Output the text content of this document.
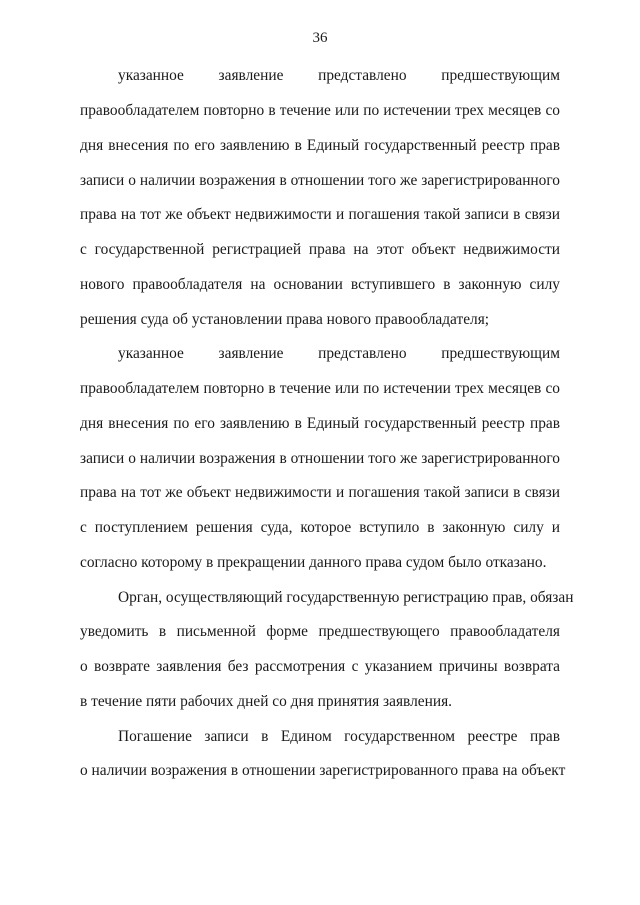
36
указанное заявление представлено предшествующим
правообладателем повторно в течение или по истечении трех месяцев со
дня внесения по его заявлению в Единый государственный реестр прав
записи о наличии возражения в отношении того же зарегистрированного
права на тот же объект недвижимости и погашения такой записи в связи
с государственной регистрацией права на этот объект недвижимости
нового правообладателя на основании вступившего в законную силу
решения суда об установлении права нового правообладателя;
указанное заявление представлено предшествующим
правообладателем повторно в течение или по истечении трех месяцев со
дня внесения по его заявлению в Единый государственный реестр прав
записи о наличии возражения в отношении того же зарегистрированного
права на тот же объект недвижимости и погашения такой записи в связи
с поступлением решения суда, которое вступило в законную силу и
согласно которому в прекращении данного права судом было отказано.
Орган, осуществляющий государственную регистрацию прав, обязан
уведомить в письменной форме предшествующего правообладателя
о возврате заявления без рассмотрения с указанием причины возврата
в течение пяти рабочих дней со дня принятия заявления.
Погашение записи в Едином государственном реестре прав
о наличии возражения в отношении зарегистрированного права на объект
